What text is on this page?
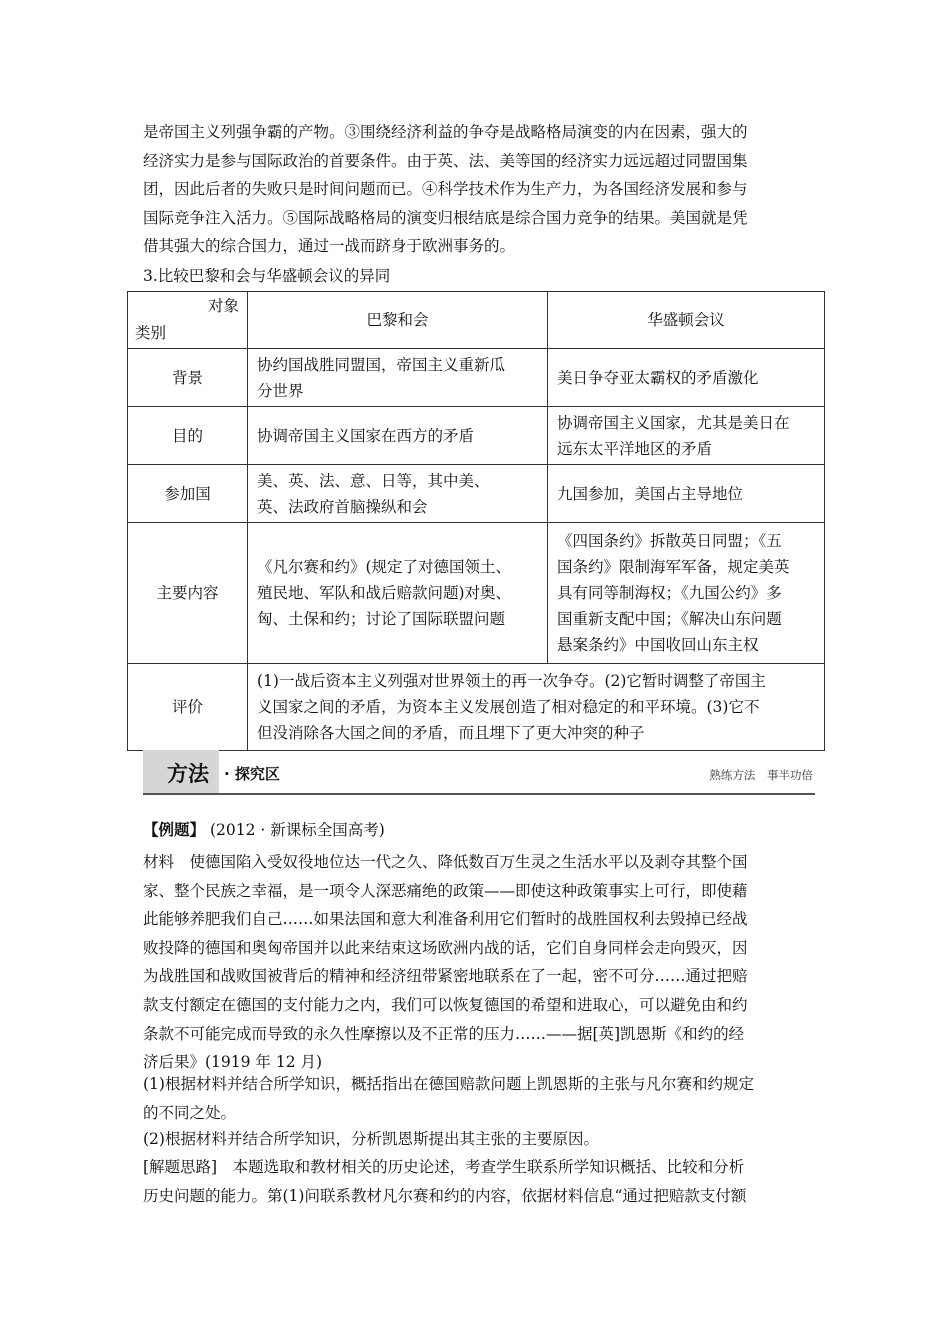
是帝国主义列强争霸的产物。③围绕经济利益的争夺是战略格局演变的内在因素，强大的
经济实力是参与国际政治的首要条件。由于英、法、美等国的经济实力远远超过同盟国集
团，因此后者的失败只是时间问题而已。④科学技术作为生产力，为各国经济发展和参与
国际竞争注入活力。⑤国际战略格局的演变归根结底是综合国力竞争的结果。美国就是凭
借其强大的综合国力，通过一战而跻身于欧洲事务的。
3.比较巴黎和会与华盛顿会议的异同
对象
类别	巴黎和会	华盛顿会议
背景	协约国战胜同盟国，帝国主义重新瓜
分世界	美日争夺亚太霸权的矛盾激化

目的	协调帝国主义国家在西方的矛盾	协调帝国主义国家，尤其是美日在
远东太平洋地区的矛盾

参加国	美、英、法、意、日等，其中美、
英、法政府首脑操纵和会	九国参加，美国占主导地位

主要内容	《凡尔赛和约》(规定了对德国领土、
殖民地、军队和战后赔款问题)对奥、
匈、土保和约；讨论了国际联盟问题	《四国条约》拆散英日同盟；《五
国条约》限制海军军备，规定美英
具有同等制海权；《九国公约》多
国重新支配中国；《解决山东问题
悬案条约》中国收回山东主权

评价	(1)一战后资本主义列强对世界领土的再一次争夺。(2)它暂时调整了帝国主
义国家之间的矛盾，为资本主义发展创造了相对稳定的和平环境。(3)它不
但没消除各大国之间的矛盾，而且埋下了更大冲突的种子	
方法 · 探究区	熟练方法 事半功倍
【例题】 (2012 · 新课标全国高考)
材料　使德国陷入受奴役地位达一代之久、降低数百万生灵之生活水平以及剥夺其整个国
家、整个民族之幸福，是一项令人深恶痛绝的政策——即使这种政策事实上可行，即使藉
此能够养肥我们自己……如果法国和意大利准备利用它们暂时的战胜国权利去毁掉已经战
败投降的德国和奥匈帝国并以此来结束这场欧洲内战的话，它们自身同样会走向毁灭，因
为战胜国和战败国被背后的精神和经济纽带紧密地联系在了一起，密不可分……通过把赔
款支付额定在德国的支付能力之内，我们可以恢复德国的希望和进取心，可以避免由和约
条款不可能完成而导致的永久性摩擦以及不正常的压力……——据[英]凯恩斯《和约的经
济后果》(1919 年 12 月)
(1)根据材料并结合所学知识，概括指出在德国赔款问题上凯恩斯的主张与凡尔赛和约规定
的不同之处。
(2)根据材料并结合所学知识，分析凯恩斯提出其主张的主要原因。
[解题思路]　本题选取和教材相关的历史论述，考查学生联系所学知识概括、比较和分析
历史问题的能力。第(1)问联系教材凡尔赛和约的内容，依据材料信息“通过把赔款支付额
